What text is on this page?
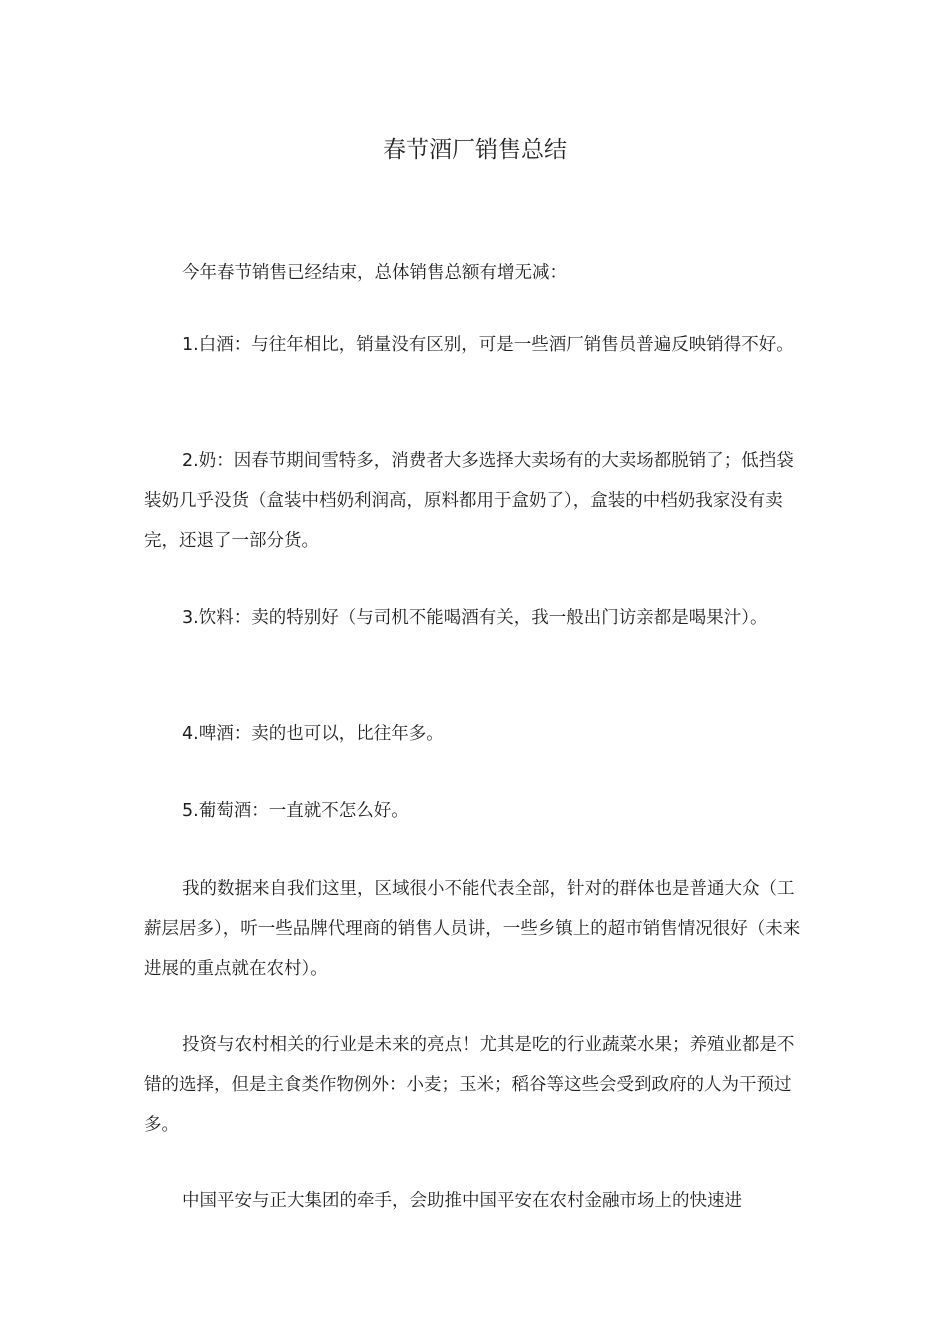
春节酒厂销售总结

今年春节销售已经结束，总体销售总额有增无减：

1.白酒：与往年相比，销量没有区别，可是一些酒厂销售员普遍反映销得不好。

2.奶：因春节期间雪特多，消费者大多选择大卖场有的大卖场都脱销了；低挡袋装奶几乎没货（盒装中档奶利润高，原料都用于盒奶了），盒装的中档奶我家没有卖完，还退了一部分货。

3.饮料：卖的特别好（与司机不能喝酒有关，我一般出门访亲都是喝果汁）。

4.啤酒：卖的也可以，比往年多。

5.葡萄酒：一直就不怎么好。

我的数据来自我们这里，区域很小不能代表全部，针对的群体也是普通大众（工薪层居多），听一些品牌代理商的销售人员讲，一些乡镇上的超市销售情况很好（未来进展的重点就在农村）。

投资与农村相关的行业是未来的亮点！尤其是吃的行业蔬菜水果；养殖业都是不错的选择，但是主食类作物例外：小麦；玉米；稻谷等这些会受到政府的人为干预过多。

中国平安与正大集团的牵手，会助推中国平安在农村金融市场上的快速进
